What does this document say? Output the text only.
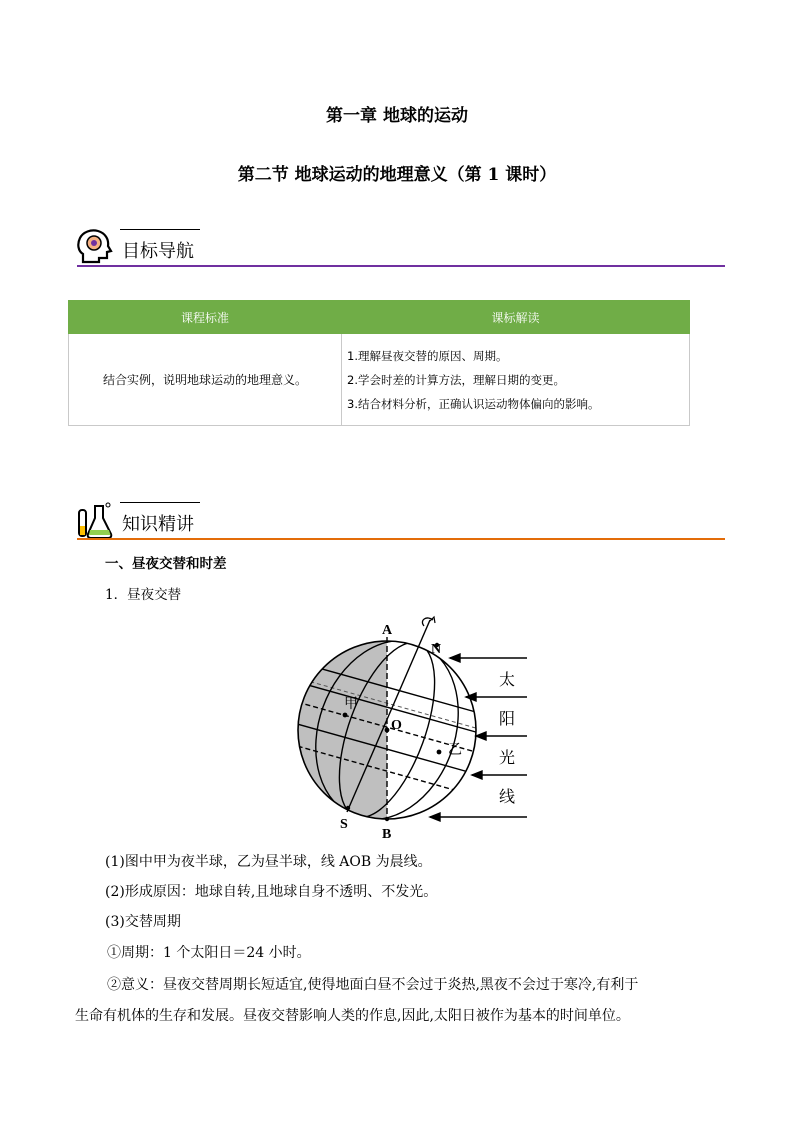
第一章 地球的运动
第二节 地球运动的地理意义（第 1 课时）
目标导航
课程标准	课标解读
结合实例，说明地球运动的地理意义。	1.理解昼夜交替的原因、周期。

2.学会时差的计算方法，理解日期的变更。

3.结合材料分析，正确认识运动物体偏向的影响。

知识精讲
一、昼夜交替和时差
1．昼夜交替
A
B
N
S
O
甲
乙
太
阳
光
线
(1)图中甲为夜半球，乙为昼半球，线 AOB 为晨线。
(2)形成原因：地球自转,且地球自身不透明、不发光。
(3)交替周期
①周期：1 个太阳日＝24 小时。
②意义：昼夜交替周期长短适宜,使得地面白昼不会过于炎热,黑夜不会过于寒冷,有利于
生命有机体的生存和发展。昼夜交替影响人类的作息,因此,太阳日被作为基本的时间单位。
